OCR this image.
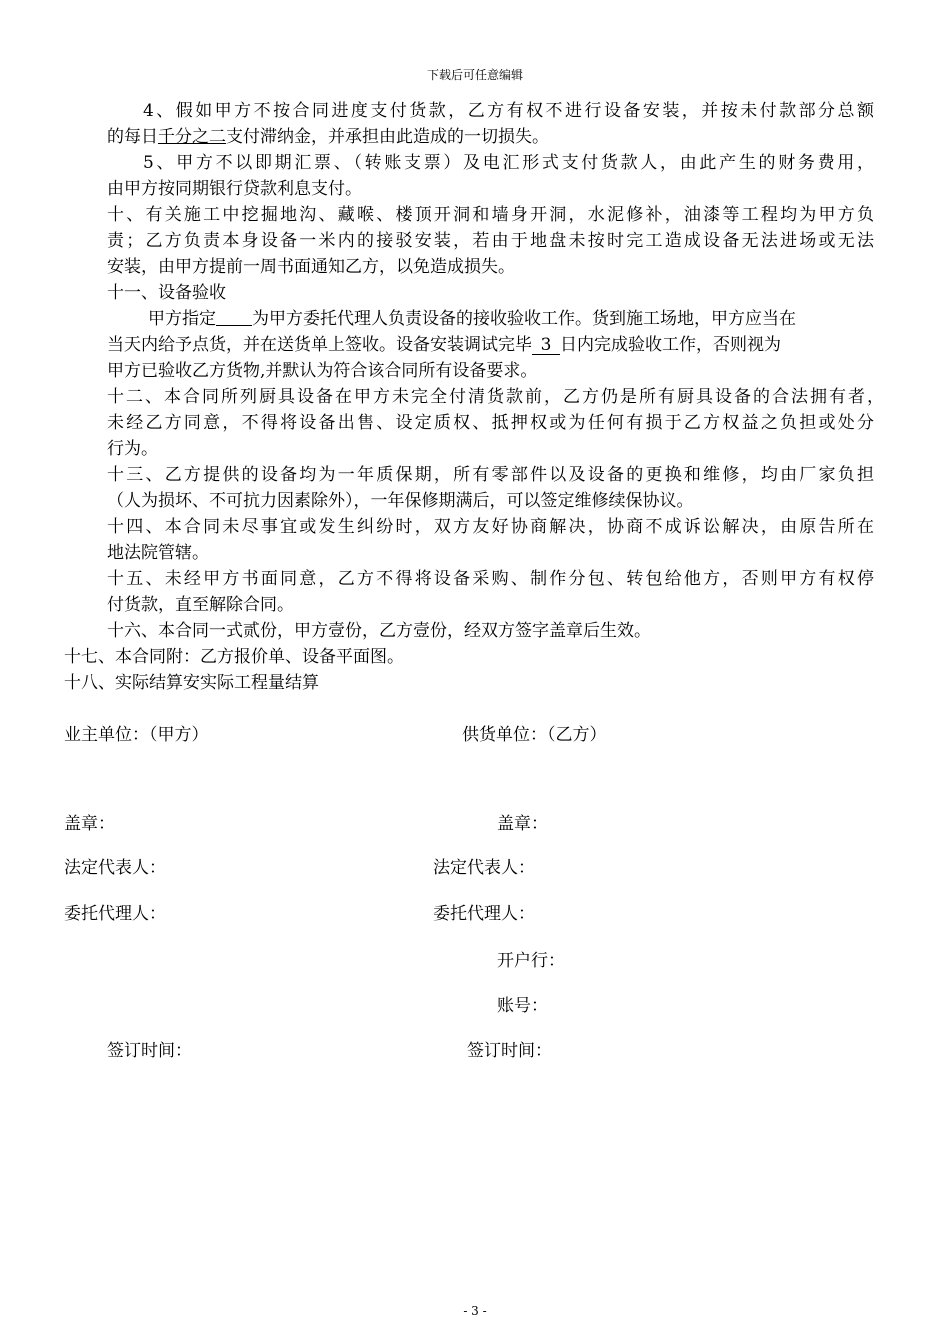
下载后可任意编辑
4、假如甲方不按合同进度支付货款，乙方有权不进行设备安装，并按未付款部分总额
的每日千分之二支付滞纳金，并承担由此造成的一切损失。
5、甲方不以即期汇票、（转账支票）及电汇形式支付货款人，由此产生的财务费用，
由甲方按同期银行贷款利息支付。
十、有关施工中挖掘地沟、藏喉、楼顶开洞和墙身开洞，水泥修补，油漆等工程均为甲方负
责；乙方负责本身设备一米内的接驳安装，若由于地盘未按时完工造成设备无法进场或无法
安装，由甲方提前一周书面通知乙方，以免造成损失。
十一、设备验收
甲方指定 为甲方委托代理人负责设备的接收验收工作。货到施工场地，甲方应当在
当天内给予点货，并在送货单上签收。设备安装调试完毕 3 日内完成验收工作，否则视为
甲方已验收乙方货物,并默认为符合该合同所有设备要求。
十二、本合同所列厨具设备在甲方未完全付清货款前，乙方仍是所有厨具设备的合法拥有者，
未经乙方同意，不得将设备出售、设定质权、抵押权或为任何有损于乙方权益之负担或处分
行为。
十三、乙方提供的设备均为一年质保期，所有零部件以及设备的更换和维修，均由厂家负担
（人为损坏、不可抗力因素除外），一年保修期满后，可以签定维修续保协议。
十四、本合同未尽事宜或发生纠纷时，双方友好协商解决，协商不成诉讼解决，由原告所在
地法院管辖。
十五、未经甲方书面同意，乙方不得将设备采购、制作分包、转包给他方，否则甲方有权停
付货款，直至解除合同。
十六、本合同一式贰份，甲方壹份，乙方壹份，经双方签字盖章后生效。
十七、本合同附：乙方报价单、设备平面图。
十八、实际结算安实际工程量结算
业主单位：（甲方）	供货单位：（乙方）
盖章：	盖章：
法定代表人：	法定代表人：
委托代理人：	委托代理人：
开户行：
账号：
签订时间：	签订时间：
- 3 -
